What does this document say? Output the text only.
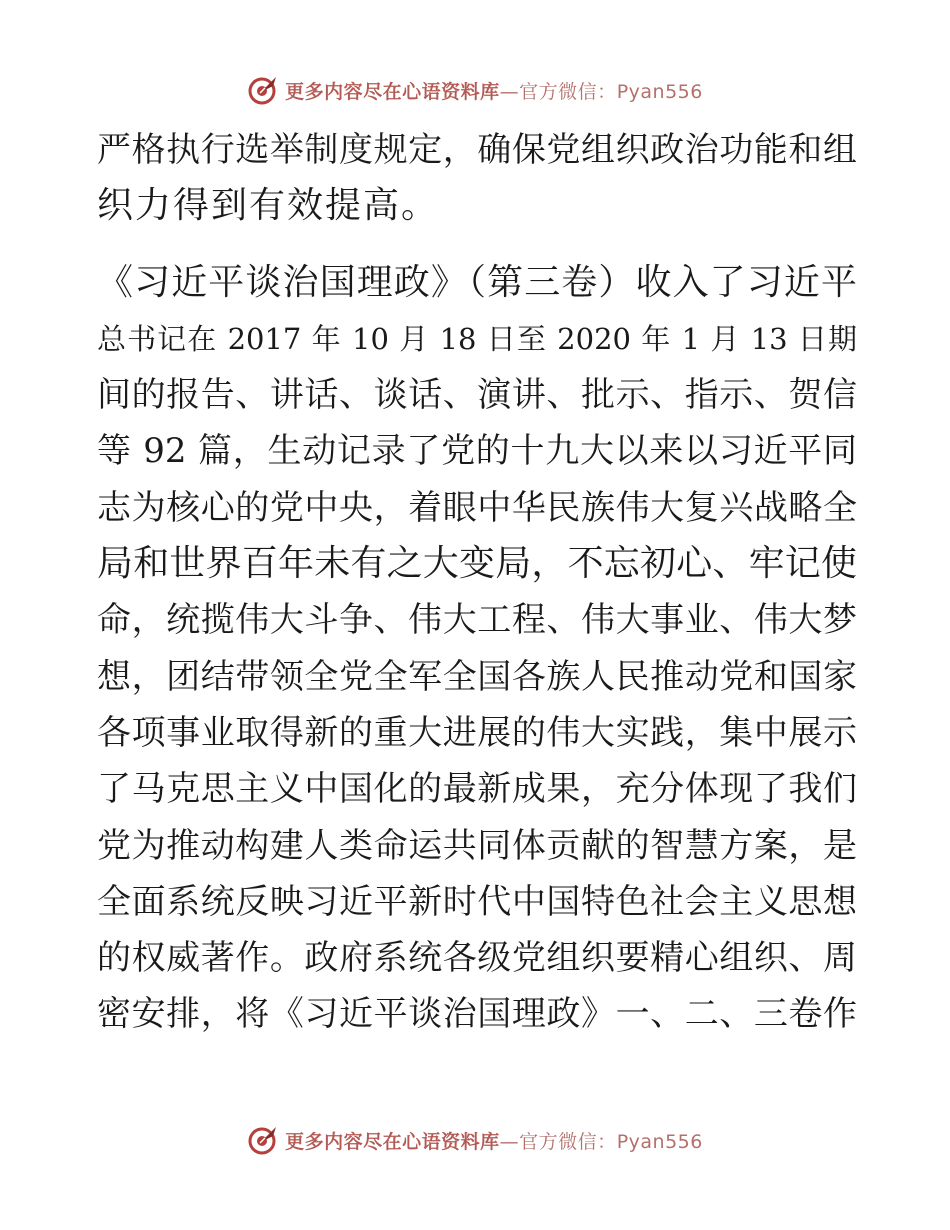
更多内容尽在心语资料库—官方微信：Pyan556
严格执行选举制度规定，确保党组织政治功能和组
织力得到有效提高。
《习近平谈治国理政》（第三卷）收入了习近平
总书记在 2017 年 10 月 18 日至 2020 年 1 月 13 日期
间的报告、讲话、谈话、演讲、批示、指示、贺信
等 92 篇，生动记录了党的十九大以来以习近平同
志为核心的党中央，着眼中华民族伟大复兴战略全
局和世界百年未有之大变局，不忘初心、牢记使
命，统揽伟大斗争、伟大工程、伟大事业、伟大梦
想，团结带领全党全军全国各族人民推动党和国家
各项事业取得新的重大进展的伟大实践，集中展示
了马克思主义中国化的最新成果，充分体现了我们
党为推动构建人类命运共同体贡献的智慧方案，是
全面系统反映习近平新时代中国特色社会主义思想
的权威著作。政府系统各级党组织要精心组织、周
密安排，将《习近平谈治国理政》一、二、三卷作
更多内容尽在心语资料库—官方微信：Pyan556
